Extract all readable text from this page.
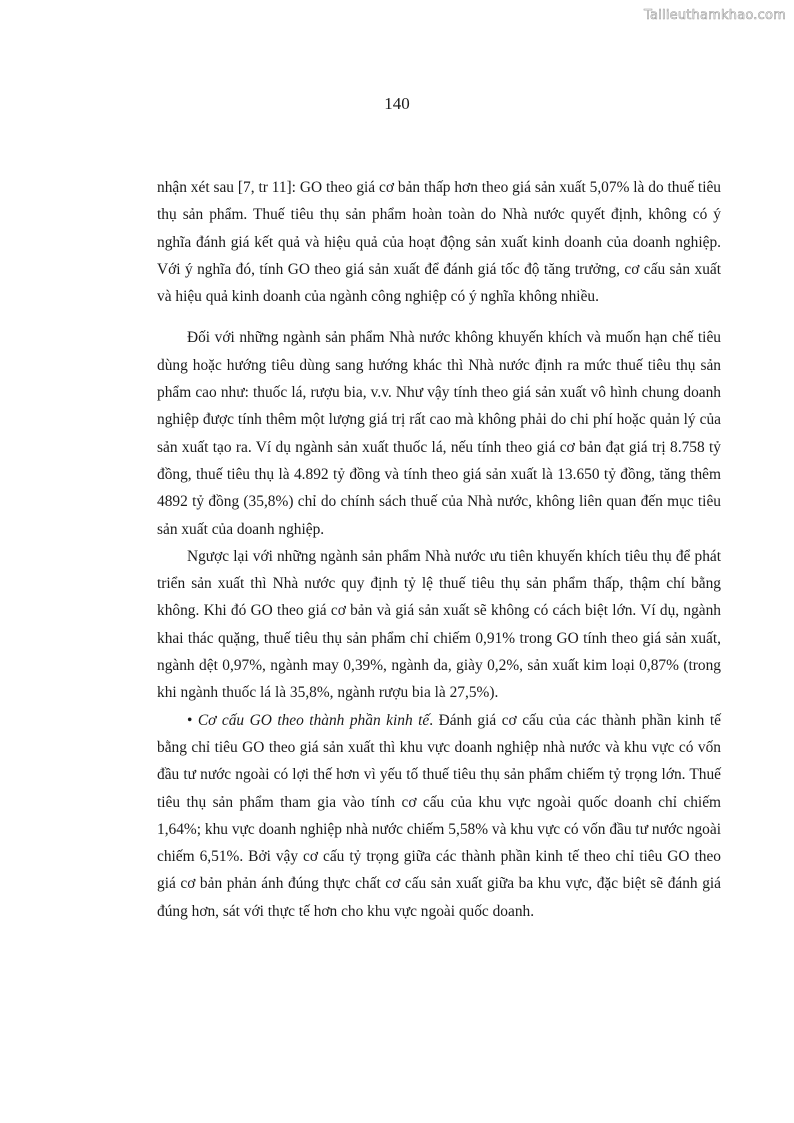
Tailieuthamkhao.com
140

nhận xét sau [7, tr 11]: GO theo giá cơ bản thấp hơn theo giá sản xuất 5,07% là do thuế tiêu thụ sản phẩm. Thuế tiêu thụ sản phẩm hoàn toàn do Nhà nước quyết định, không có ý nghĩa đánh giá kết quả và hiệu quả của hoạt động sản xuất kinh doanh của doanh nghiệp. Với ý nghĩa đó, tính GO theo giá sản xuất để đánh giá tốc độ tăng trưởng, cơ cấu sản xuất và hiệu quả kinh doanh của ngành công nghiệp có ý nghĩa không nhiều.

Đối với những ngành sản phẩm Nhà nước không khuyến khích và muốn hạn chế tiêu dùng hoặc hướng tiêu dùng sang hướng khác thì Nhà nước định ra mức thuế tiêu thụ sản phẩm cao như: thuốc lá, rượu bia, v.v. Như vậy tính theo giá sản xuất vô hình chung doanh nghiệp được tính thêm một lượng giá trị rất cao mà không phải do chi phí hoặc quản lý của sản xuất tạo ra. Ví dụ ngành sản xuất thuốc lá, nếu tính theo giá cơ bản đạt giá trị 8.758 tỷ đồng, thuế tiêu thụ là 4.892 tỷ đồng và tính theo giá sản xuất là 13.650 tỷ đồng, tăng thêm 4892 tỷ đồng (35,8%) chỉ do chính sách thuế của Nhà nước, không liên quan đến mục tiêu sản xuất của doanh nghiệp.

Ngược lại với những ngành sản phẩm Nhà nước ưu tiên khuyến khích tiêu thụ để phát triển sản xuất thì Nhà nước quy định tỷ lệ thuế tiêu thụ sản phẩm thấp, thậm chí bằng không. Khi đó GO theo giá cơ bản và giá sản xuất sẽ không có cách biệt lớn. Ví dụ, ngành khai thác quặng, thuế tiêu thụ sản phẩm chỉ chiếm 0,91% trong GO tính theo giá sản xuất, ngành dệt 0,97%, ngành may 0,39%, ngành da, giày 0,2%, sản xuất kim loại 0,87% (trong khi ngành thuốc lá là 35,8%, ngành rượu bia là 27,5%).

• Cơ cấu GO theo thành phần kinh tế. Đánh giá cơ cấu của các thành phần kinh tế bằng chỉ tiêu GO theo giá sản xuất thì khu vực doanh nghiệp nhà nước và khu vực có vốn đầu tư nước ngoài có lợi thế hơn vì yếu tố thuế tiêu thụ sản phẩm chiếm tỷ trọng lớn. Thuế tiêu thụ sản phẩm tham gia vào tính cơ cấu của khu vực ngoài quốc doanh chỉ chiếm 1,64%; khu vực doanh nghiệp nhà nước chiếm 5,58% và khu vực có vốn đầu tư nước ngoài chiếm 6,51%. Bởi vậy cơ cấu tỷ trọng giữa các thành phần kinh tế theo chỉ tiêu GO theo giá cơ bản phản ánh đúng thực chất cơ cấu sản xuất giữa ba khu vực, đặc biệt sẽ đánh giá đúng hơn, sát với thực tế hơn cho khu vực ngoài quốc doanh.
